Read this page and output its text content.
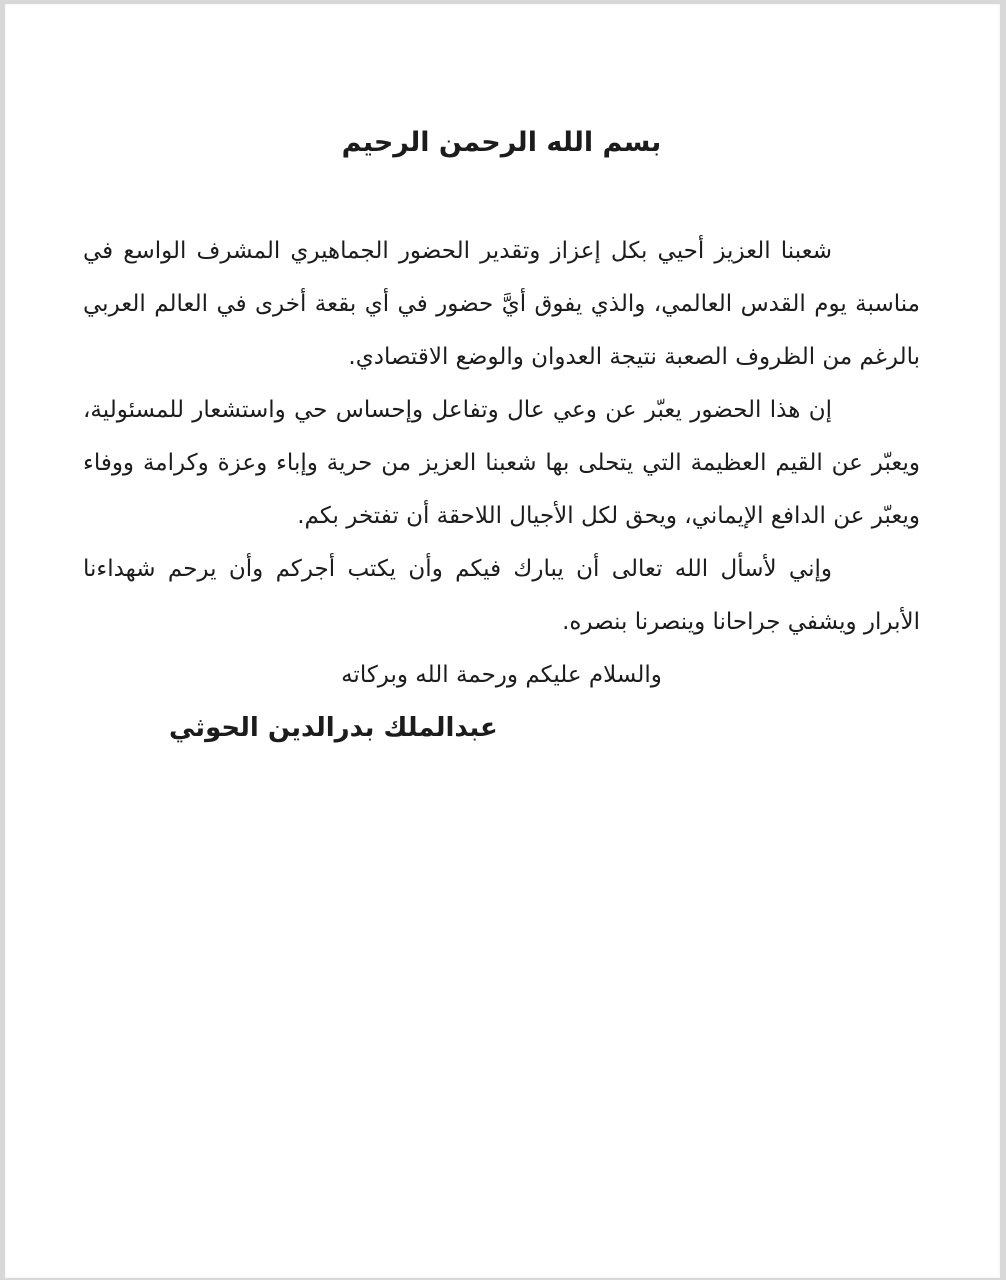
بسم الله الرحمن الرحيم

شعبنا العزيز أحيي بكل إعزاز وتقدير الحضور الجماهيري المشرف الواسع في مناسبة يوم القدس العالمي، والذي يفوق أيَّ حضور في أي بقعة أخرى في العالم العربي بالرغم من الظروف الصعبة نتيجة العدوان والوضع الاقتصادي.

إن هذا الحضور يعبّر عن وعي عال وتفاعل وإحساس حي واستشعار للمسئولية، ويعبّر عن القيم العظيمة التي يتحلى بها شعبنا العزيز من حرية وإباء وعزة وكرامة ووفاء ويعبّر عن الدافع الإيماني، ويحق لكل الأجيال اللاحقة أن تفتخر بكم.

وإني لأسأل الله تعالى أن يبارك فيكم وأن يكتب أجركم وأن يرحم شهداءنا الأبرار ويشفي جراحانا وينصرنا بنصره.

والسلام عليكم ورحمة الله وبركاته

عبدالملك بدرالدين الحوثي
